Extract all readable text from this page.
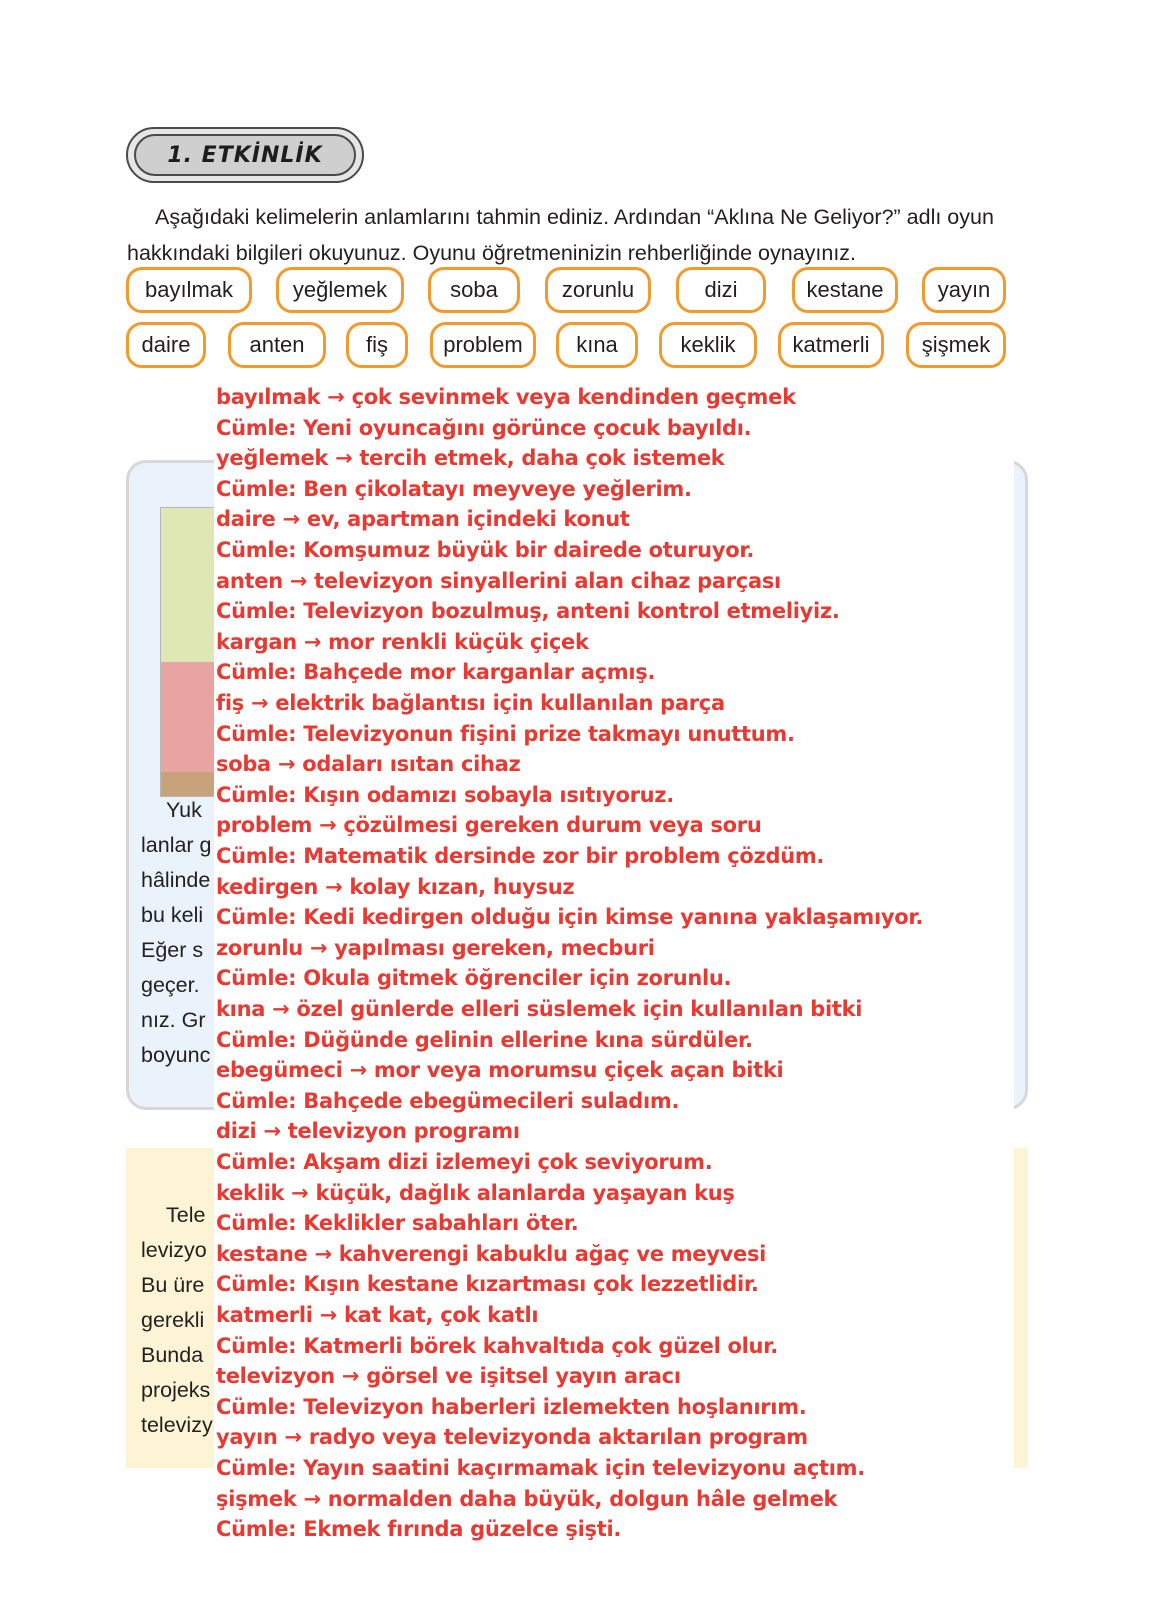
1. ETKİNLİK
Aşağıdaki kelimelerin anlamlarını tahmin ediniz. Ardından “Aklına Ne Geliyor?” adlı oyun hakkındaki bilgileri okuyunuz. Oyunu öğretmeninizin rehberliğinde oynayınız.
bayılmak	yeğlemek	soba	zorunlu	dizi	kestane	yayın
daire	anten	fiş	problem	kına	keklik	katmerli	şişmek
Yuk
lanlar g
hâlinde
bu keli
Eğer s
geçer.
nız. Gr
boyunc
Tele
levizyo
Bu üre
gerekli
Bunda
projeks
televizy
bayılmak → çok sevinmek veya kendinden geçmek
Cümle: Yeni oyuncağını görünce çocuk bayıldı.
yeğlemek → tercih etmek, daha çok istemek
Cümle: Ben çikolatayı meyveye yeğlerim.
daire → ev, apartman içindeki konut
Cümle: Komşumuz büyük bir dairede oturuyor.
anten → televizyon sinyallerini alan cihaz parçası
Cümle: Televizyon bozulmuş, anteni kontrol etmeliyiz.
kargan → mor renkli küçük çiçek
Cümle: Bahçede mor karganlar açmış.
fiş → elektrik bağlantısı için kullanılan parça
Cümle: Televizyonun fişini prize takmayı unuttum.
soba → odaları ısıtan cihaz
Cümle: Kışın odamızı sobayla ısıtıyoruz.
problem → çözülmesi gereken durum veya soru
Cümle: Matematik dersinde zor bir problem çözdüm.
kedirgen → kolay kızan, huysuz
Cümle: Kedi kedirgen olduğu için kimse yanına yaklaşamıyor.
zorunlu → yapılması gereken, mecburi
Cümle: Okula gitmek öğrenciler için zorunlu.
kına → özel günlerde elleri süslemek için kullanılan bitki
Cümle: Düğünde gelinin ellerine kına sürdüler.
ebegümeci → mor veya morumsu çiçek açan bitki
Cümle: Bahçede ebegümecileri suladım.
dizi → televizyon programı
Cümle: Akşam dizi izlemeyi çok seviyorum.
keklik → küçük, dağlık alanlarda yaşayan kuş
Cümle: Keklikler sabahları öter.
kestane → kahverengi kabuklu ağaç ve meyvesi
Cümle: Kışın kestane kızartması çok lezzetlidir.
katmerli → kat kat, çok katlı
Cümle: Katmerli börek kahvaltıda çok güzel olur.
televizyon → görsel ve işitsel yayın aracı
Cümle: Televizyon haberleri izlemekten hoşlanırım.
yayın → radyo veya televizyonda aktarılan program
Cümle: Yayın saatini kaçırmamak için televizyonu açtım.
şişmek → normalden daha büyük, dolgun hâle gelmek
Cümle: Ekmek fırında güzelce şişti.
